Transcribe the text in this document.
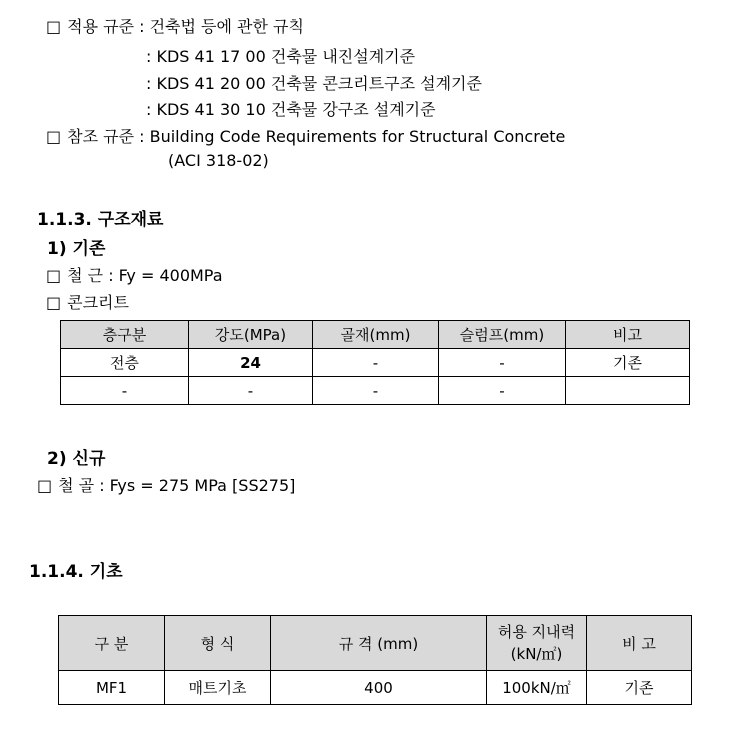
□ 적용 규준 : 건축법 등에 관한 규칙
: KDS 41 17 00 건축물 내진설계기준
: KDS 41 20 00 건축물 콘크리트구조 설계기준
: KDS 41 30 10 건축물 강구조 설계기준
□ 참조 규준 : Building Code Requirements for Structural Concrete
(ACI 318-02)
1.1.3. 구조재료
1) 기존
□ 철 근 : Fy = 400MPa
□ 콘크리트
층구분	강도(MPa)	골재(mm)	슬럼프(mm)	비고
전층	24	-	-	기존
-	-	-	-	
2) 신규
□ 철 골 : Fys = 275 MPa [SS275]
1.1.4. 기초
구 분	형 식	규 격 (mm)	허용 지내력
(kN/㎡)	비 고
MF1	매트기초	400	100kN/㎡	기존
